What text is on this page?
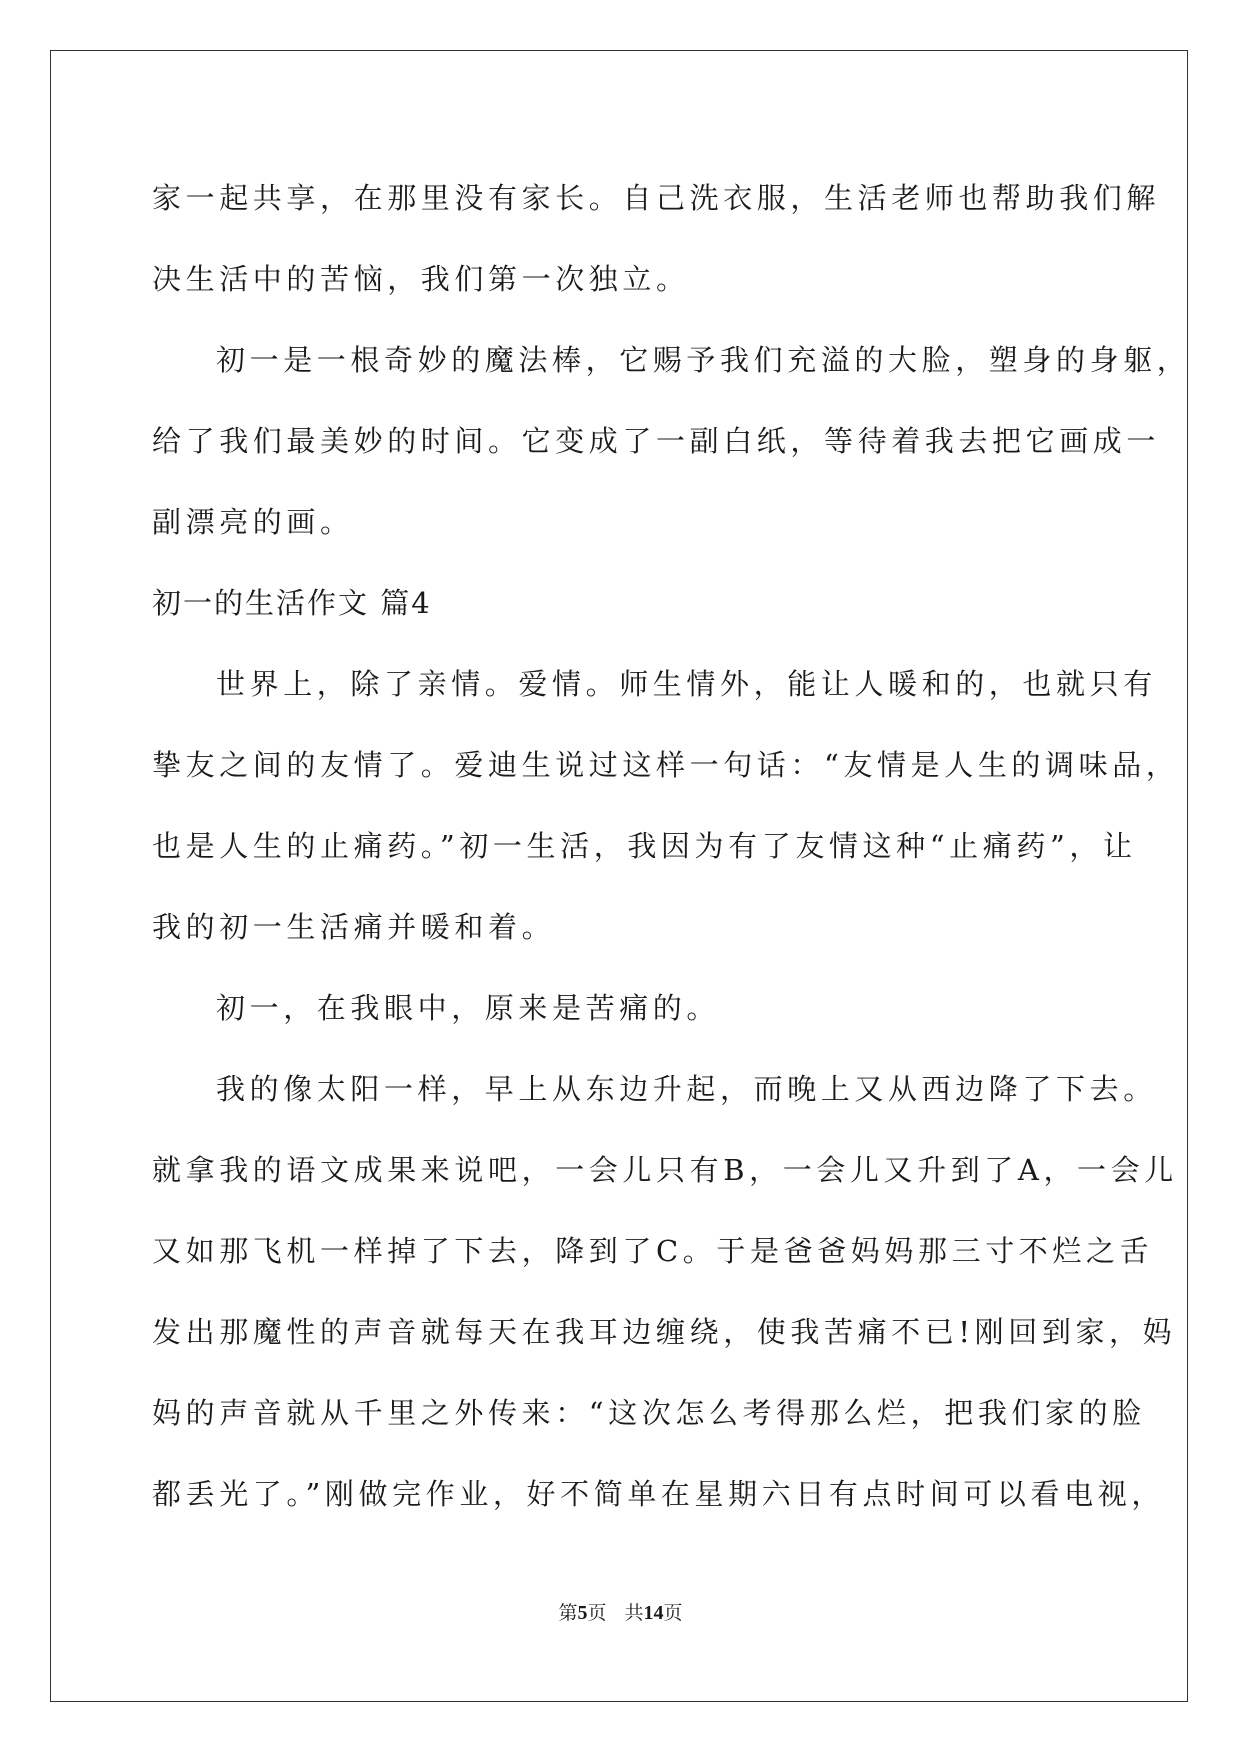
家一起共享，在那里没有家长。自己洗衣服，生活老师也帮助我们解

决生活中的苦恼，我们第一次独立。

初一是一根奇妙的魔法棒，它赐予我们充溢的大脸，塑身的身躯，

给了我们最美妙的时间。它变成了一副白纸，等待着我去把它画成一

副漂亮的画。

初一的生活作文 篇4

世界上，除了亲情。爱情。师生情外，能让人暖和的，也就只有

挚友之间的友情了。爱迪生说过这样一句话：“友情是人生的调味品，

也是人生的止痛药。”初一生活，我因为有了友情这种“止痛药”，让

我的初一生活痛并暖和着。

初一，在我眼中，原来是苦痛的。

我的像太阳一样，早上从东边升起，而晚上又从西边降了下去。

就拿我的语文成果来说吧，一会儿只有B，一会儿又升到了A，一会儿

又如那飞机一样掉了下去，降到了C。于是爸爸妈妈那三寸不烂之舌

发出那魔性的声音就每天在我耳边缠绕，使我苦痛不已!刚回到家，妈

妈的声音就从千里之外传来：“这次怎么考得那么烂，把我们家的脸

都丢光了。”刚做完作业，好不简单在星期六日有点时间可以看电视，

第5页 共14页
